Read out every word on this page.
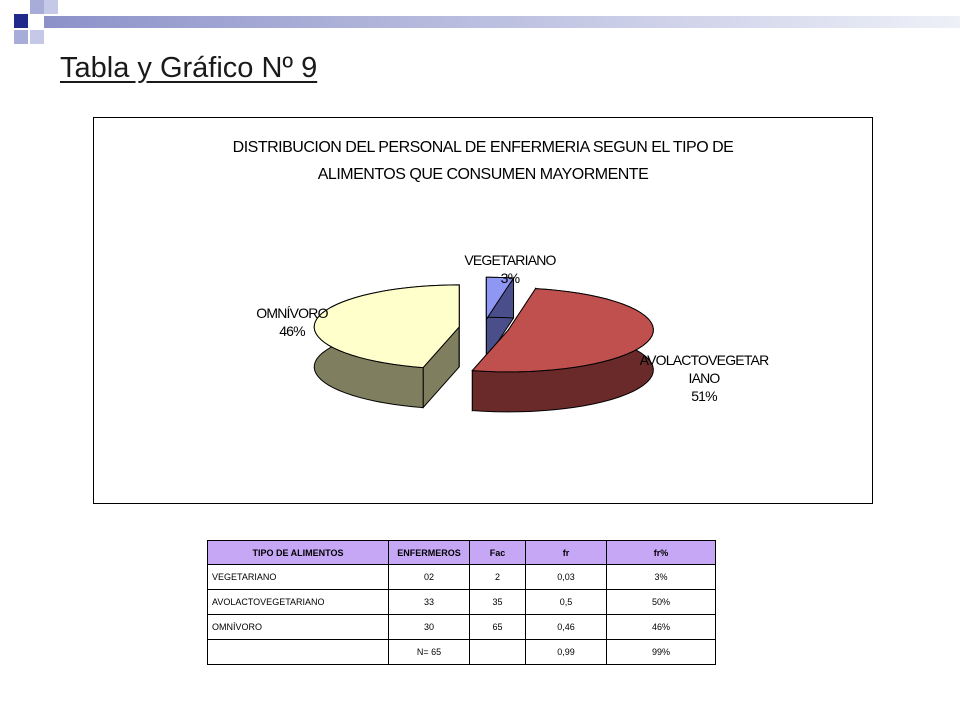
Tabla y Gráfico Nº 9
DISTRIBUCION DEL PERSONAL DE ENFERMERIA SEGUN EL TIPO DE
ALIMENTOS QUE CONSUMEN MAYORMENTE
VEGETARIANO
3%
AVOLACTOVEGETAR
IANO
51%
OMNÍVORO
46%
TIPO DE ALIMENTOS	ENFERMEROS	Fac	fr	fr%
VEGETARIANO	02	2	0,03	3%
AVOLACTOVEGETARIANO	33	35	0,5	50%
OMNÍVORO	30	65	0,46	46%
	N= 65		0,99	99%
